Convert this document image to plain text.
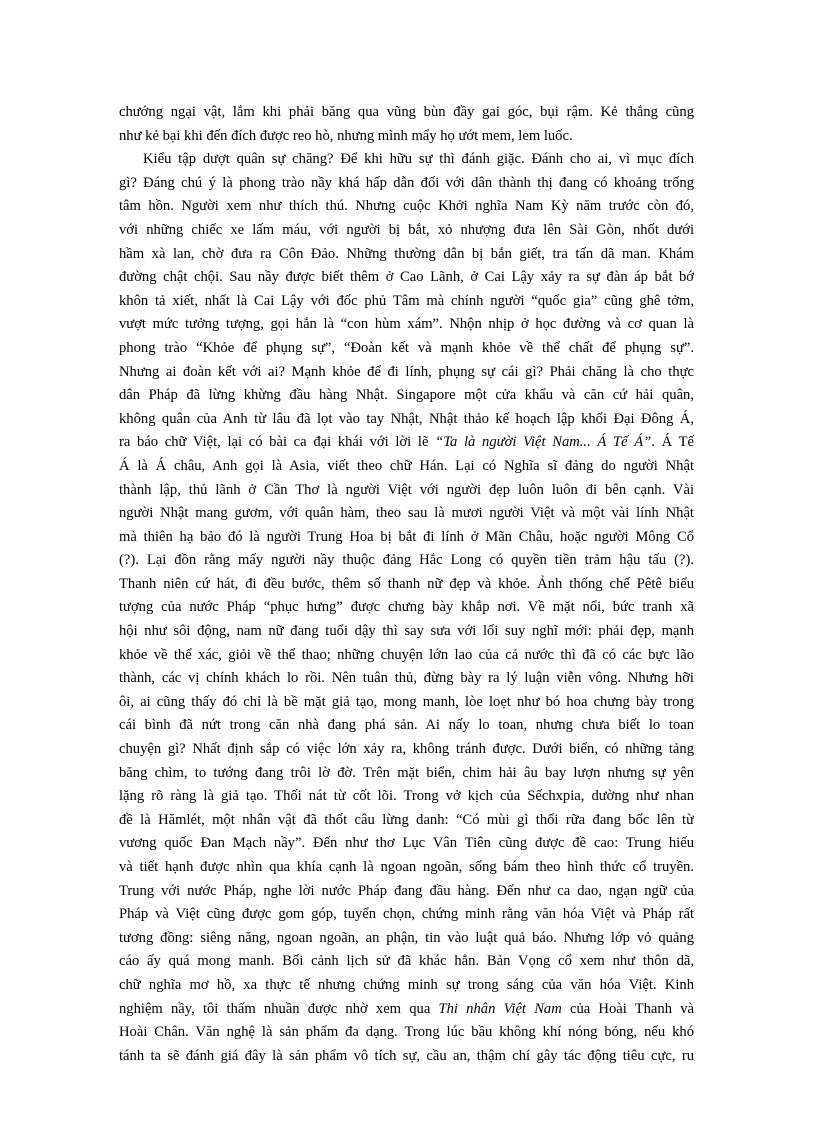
chướng ngại vật, lắm khi phải băng qua vũng bùn đầy gai góc, bụi rậm. Kẻ thắng cũng
như kẻ bại khi đến đích được reo hò, nhưng mình mẩy họ ướt mem, lem luốc.
Kiểu tập dượt quân sự chăng? Để khi hữu sự thì đánh giặc. Đánh cho ai, vì mục đích
gì? Đáng chú ý là phong trào nầy khá hấp dẫn đối với dân thành thị đang có khoảng trống
tâm hồn. Người xem như thích thú. Nhưng cuộc Khởi nghĩa Nam Kỳ năm trước còn đó,
với những chiếc xe lấm máu, với người bị bắt, xỏ nhượng đưa lên Sài Gòn, nhốt dưới
hầm xà lan, chờ đưa ra Côn Đảo. Những thường dân bị bắn giết, tra tấn dã man. Khám
đường chật chội. Sau nầy được biết thêm ở Cao Lãnh, ở Cai Lậy xảy ra sự đàn áp bắt bớ
khôn tả xiết, nhất là Cai Lậy với đốc phủ Tâm mà chính người “quốc gia” cũng ghê tởm,
vượt mức tưởng tượng, gọi hắn là “con hùm xám”. Nhộn nhịp ở học đường và cơ quan là
phong trào “Khỏe để phụng sự”, “Đoàn kết và mạnh khỏe về thể chất để phụng sự”.
Nhưng ai đoàn kết với ai? Mạnh khỏe để đi lính, phụng sự cái gì? Phải chăng là cho thực
dân Pháp đã lừng khừng đầu hàng Nhật. Singapore một cửa khẩu và căn cứ hải quân,
không quân của Anh từ lâu đã lọt vào tay Nhật, Nhật thảo kế hoạch lập khối Đại Đông Á,
ra báo chữ Việt, lại có bài ca đại khái với lời lẽ “Ta là người Việt Nam... Á Tế Á”. Á Tế
Á là Á châu, Anh gọi là Asia, viết theo chữ Hán. Lại có Nghĩa sĩ đảng do người Nhật
thành lập, thủ lãnh ở Cần Thơ là người Việt với người đẹp luôn luôn đi bên cạnh. Vài
người Nhật mang gươm, với quân hàm, theo sau là mươi người Việt và một vài lính Nhật
mà thiên hạ bảo đó là người Trung Hoa bị bắt đi lính ở Mãn Châu, hoặc người Mông Cổ
(?). Lại đồn rằng mấy người nầy thuộc đảng Hắc Long có quyền tiền trảm hậu tấu (?).
Thanh niên cứ hát, đi đều bước, thêm số thanh nữ đẹp và khỏe. Ảnh thống chế Pêtê biểu
tượng của nước Pháp “phục hưng” được chưng bày khắp nơi. Về mặt nổi, bức tranh xã
hội như sôi động, nam nữ đang tuổi dậy thì say sưa với lối suy nghĩ mới: phải đẹp, mạnh
khỏe về thể xác, giỏi về thể thao; những chuyện lớn lao của cả nước thì đã có các bực lão
thành, các vị chính khách lo rồi. Nên tuân thủ, đừng bày ra lý luận viễn vông. Nhưng hỡi
ôi, ai cũng thấy đó chỉ là bề mặt giả tạo, mong manh, lòe loẹt như bó hoa chưng bày trong
cái bình đã nứt trong căn nhà đang phá sản. Ai nấy lo toan, nhưng chưa biết lo toan
chuyện gì? Nhất định sắp có việc lớn xảy ra, không tránh được. Dưới biển, có những tảng
băng chìm, to tướng đang trôi lờ đờ. Trên mặt biển, chim hải âu bay lượn nhưng sự yên
lặng rõ ràng là giả tạo. Thối nát từ cốt lõi. Trong vở kịch của Sếchxpia, dường như nhan
đề là Hămlét, một nhân vật đã thốt câu lừng danh: “Có mùi gì thối rữa đang bốc lên từ
vương quốc Đan Mạch nầy”. Đến như thơ Lục Vân Tiên cũng được đề cao: Trung hiếu
và tiết hạnh được nhìn qua khía cạnh là ngoan ngoãn, sống bám theo hình thức cổ truyền.
Trung với nước Pháp, nghe lời nước Pháp đang đầu hàng. Đến như ca dao, ngạn ngữ của
Pháp và Việt cũng được gom góp, tuyển chọn, chứng minh rằng văn hóa Việt và Pháp rất
tương đồng: siêng năng, ngoan ngoãn, an phận, tin vào luật quả báo. Nhưng lớp vỏ quảng
cáo ấy quá mong manh. Bối cảnh lịch sử đã khác hẳn. Bản Vọng cổ xem như thôn dã,
chữ nghĩa mơ hồ, xa thực tế nhưng chứng minh sự trong sáng của văn hóa Việt. Kinh
nghiệm nầy, tôi thấm nhuần được nhờ xem qua Thi nhân Việt Nam của Hoài Thanh và
Hoài Chân. Văn nghệ là sản phẩm đa dạng. Trong lúc bầu không khí nóng bỏng, nếu khó
tánh ta sẽ đánh giá đây là sản phẩm vô tích sự, cầu an, thậm chí gây tác động tiêu cực, ru
